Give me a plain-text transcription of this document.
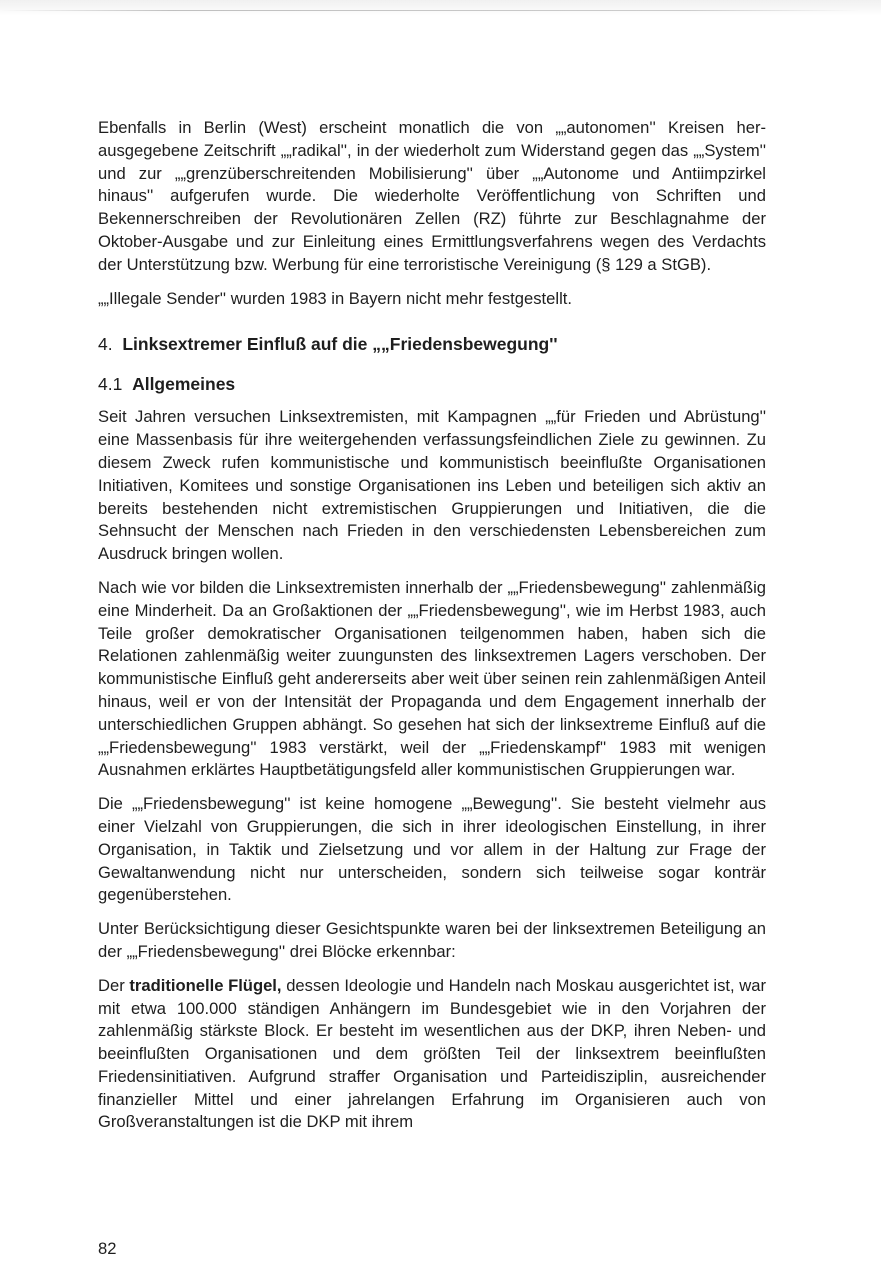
Ebenfalls in Berlin (West) erscheint monatlich die von „„autonomen'' Kreisen herausgegebene Zeitschrift „„radikal'', in der wiederholt zum Widerstand gegen das „„System'' und zur „„grenzüberschreitenden Mobilisierung'' über „„Autonome und Antiimpzirkel hinaus'' aufgerufen wurde. Die wiederholte Veröffentlichung von Schriften und Bekennerschreiben der Revolutionären Zellen (RZ) führte zur Beschlagnahme der Oktober-Ausgabe und zur Einleitung eines Ermittlungsverfahrens wegen des Verdachts der Unterstützung bzw. Werbung für eine terroristische Vereinigung (§ 129 a StGB).

„„Illegale Sender'' wurden 1983 in Bayern nicht mehr festgestellt.

4. Linksextremer Einfluß auf die „„Friedensbewegung''
4.1 Allgemeines

Seit Jahren versuchen Linksextremisten, mit Kampagnen „„für Frieden und Abrüstung'' eine Massenbasis für ihre weitergehenden verfassungsfeindlichen Ziele zu gewinnen. Zu diesem Zweck rufen kommunistische und kommunistisch beeinflußte Organisationen Initiativen, Komitees und sonstige Organisationen ins Leben und beteiligen sich aktiv an bereits bestehenden nicht extremistischen Gruppierungen und Initiativen, die die Sehnsucht der Menschen nach Frieden in den verschiedensten Lebensbereichen zum Ausdruck bringen wollen.

Nach wie vor bilden die Linksextremisten innerhalb der „„Friedensbewegung'' zahlenmäßig eine Minderheit. Da an Großaktionen der „„Friedensbewegung'', wie im Herbst 1983, auch Teile großer demokratischer Organisationen teilgenommen haben, haben sich die Relationen zahlenmäßig weiter zuungunsten des linksextremen Lagers verschoben. Der kommunistische Einfluß geht andererseits aber weit über seinen rein zahlenmäßigen Anteil hinaus, weil er von der Intensität der Propaganda und dem Engagement innerhalb der unterschiedlichen Gruppen abhängt. So gesehen hat sich der linksextreme Einfluß auf die „„Friedensbewegung'' 1983 verstärkt, weil der „„Friedenskampf'' 1983 mit wenigen Ausnahmen erklärtes Hauptbetätigungsfeld aller kommunistischen Gruppierungen war.

Die „„Friedensbewegung'' ist keine homogene „„Bewegung''. Sie besteht vielmehr aus einer Vielzahl von Gruppierungen, die sich in ihrer ideologischen Einstellung, in ihrer Organisation, in Taktik und Zielsetzung und vor allem in der Haltung zur Frage der Gewaltanwendung nicht nur unterscheiden, sondern sich teilweise sogar konträr gegenüberstehen.

Unter Berücksichtigung dieser Gesichtspunkte waren bei der linksextremen Beteiligung an der „„Friedensbewegung'' drei Blöcke erkennbar:

Der traditionelle Flügel, dessen Ideologie und Handeln nach Moskau ausgerichtet ist, war mit etwa 100.000 ständigen Anhängern im Bundesgebiet wie in den Vorjahren der zahlenmäßig stärkste Block. Er besteht im wesentlichen aus der DKP, ihren Neben- und beeinflußten Organisationen und dem größten Teil der linksextrem beeinflußten Friedensinitiativen. Aufgrund straffer Organisation und Parteidisziplin, ausreichender finanzieller Mittel und einer jahrelangen Erfahrung im Organisieren auch von Großveranstaltungen ist die DKP mit ihrem

82
